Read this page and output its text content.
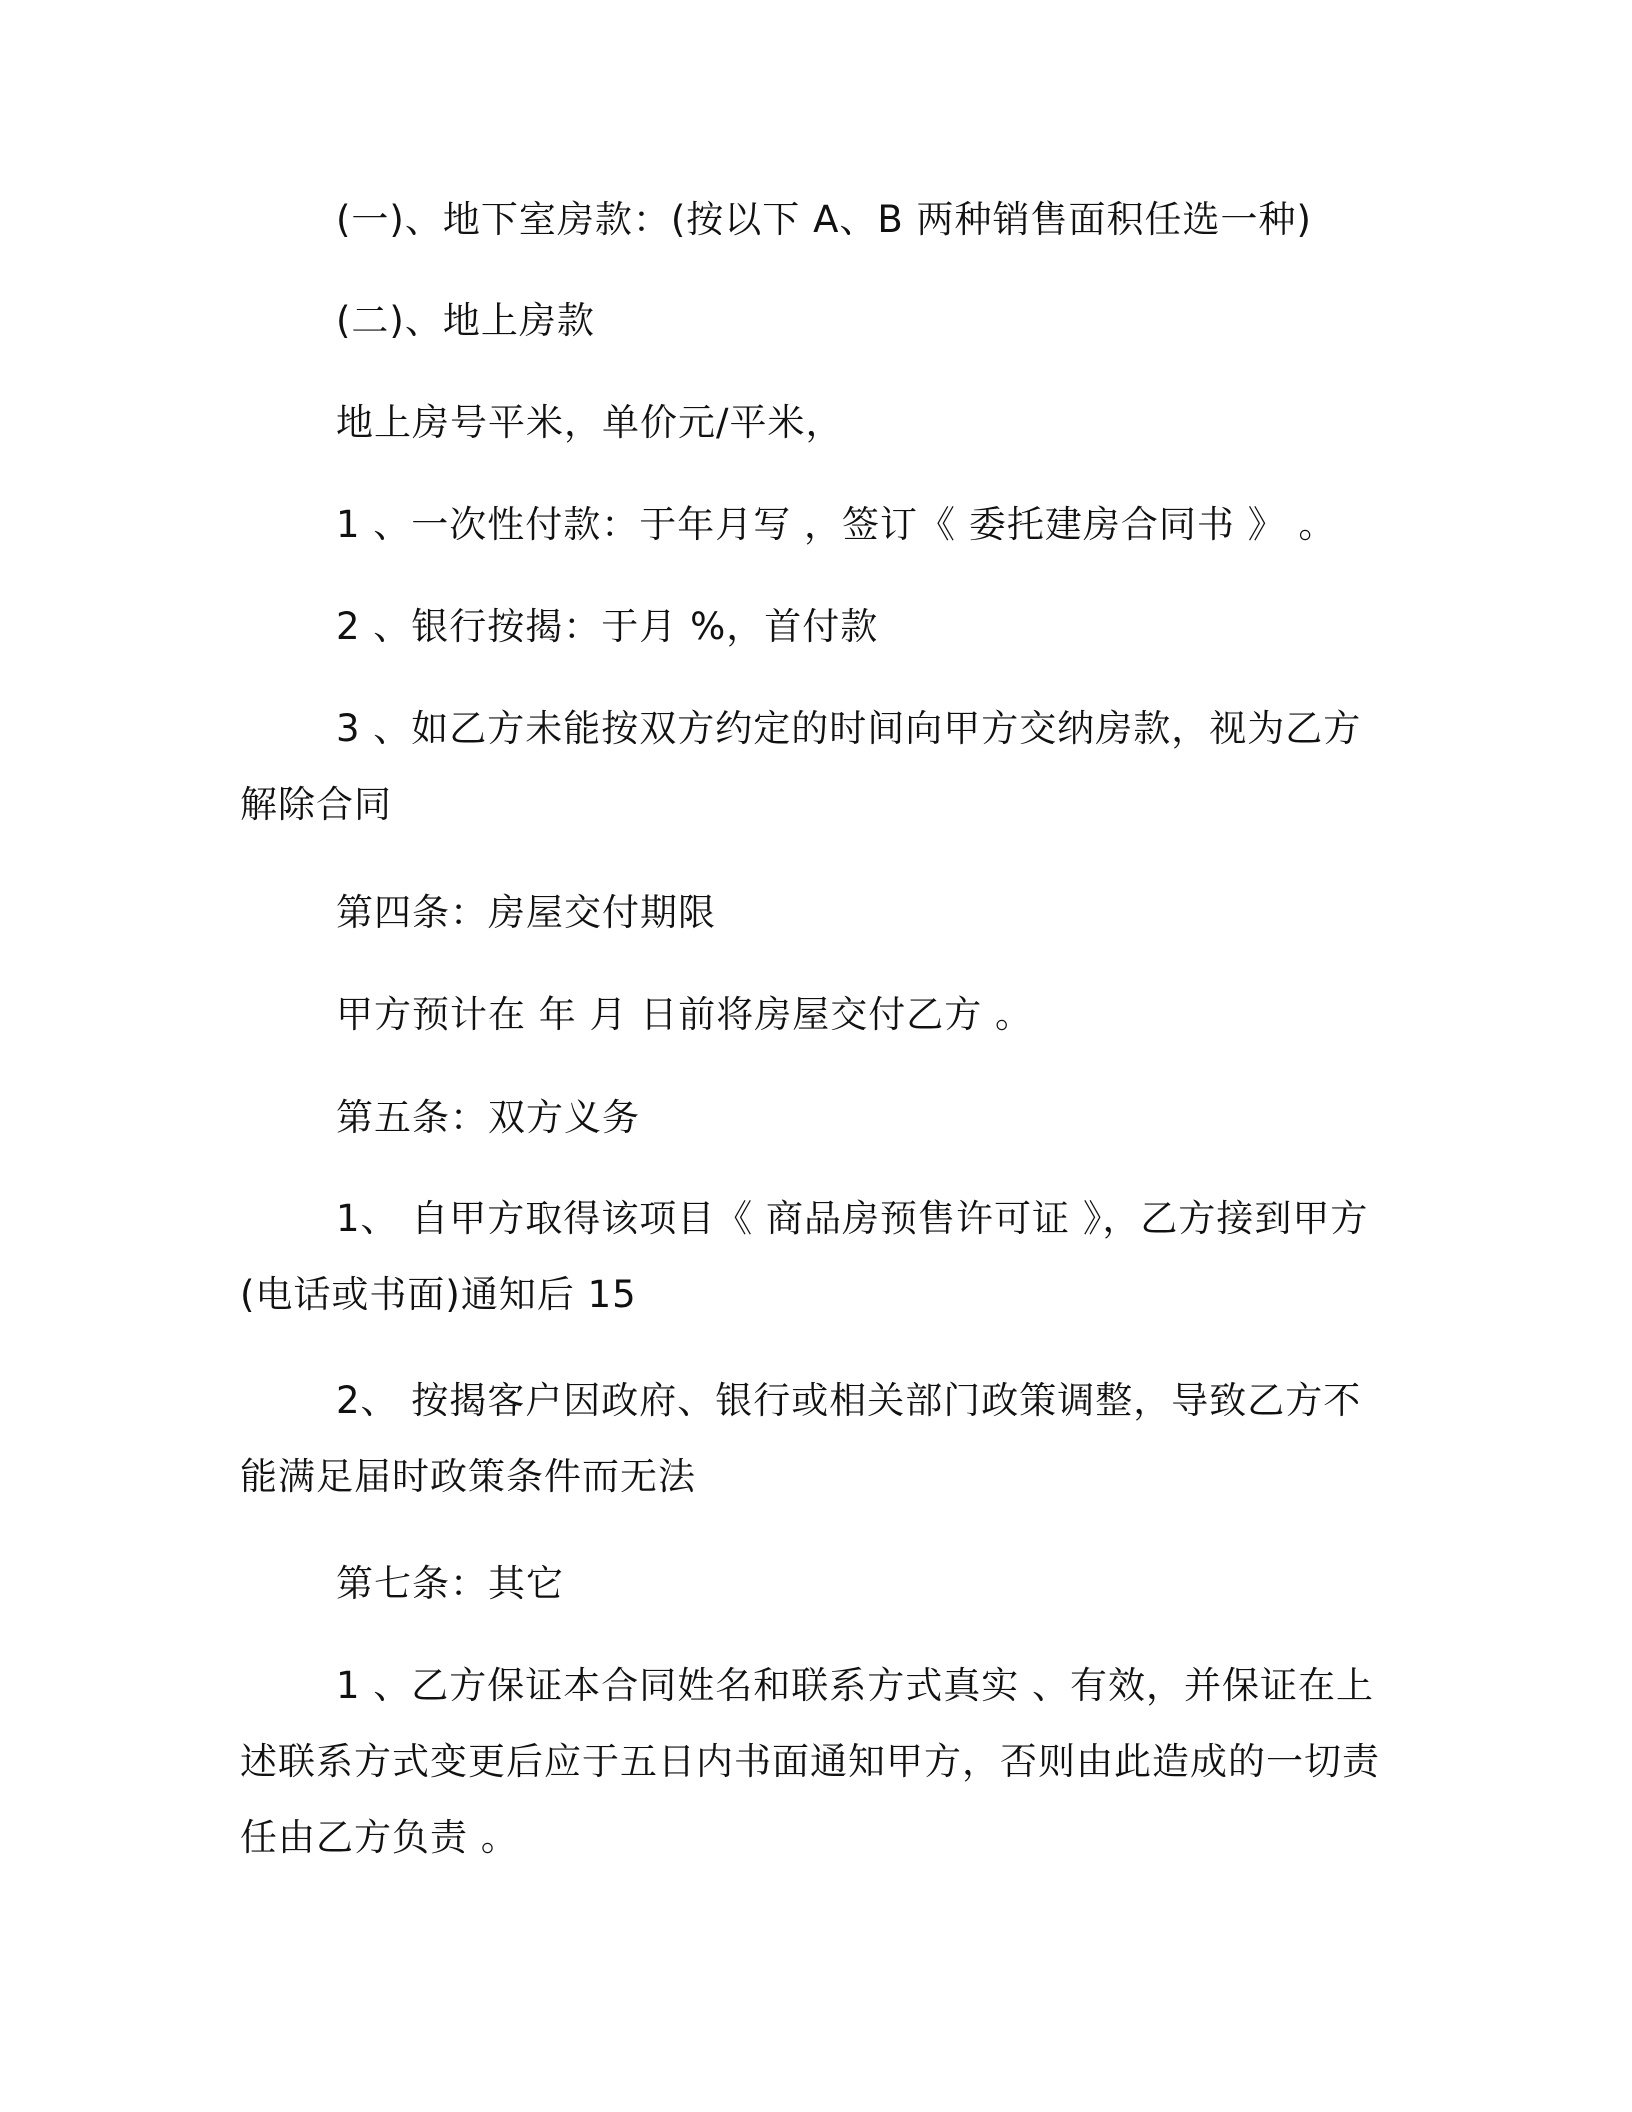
(一)、地下室房款：(按以下 A、B 两种销售面积任选一种)

(二)、地上房款

地上房号平米，单价元/平米，

1 、一次性付款：于年月写 ，签订《 委托建房合同书 》 。

2 、银行按揭：于月 %，首付款

3 、如乙方未能按双方约定的时间向甲方交纳房款，视为乙方解除合同

第四条：房屋交付期限

甲方预计在 年 月 日前将房屋交付乙方 。

第五条：双方义务

1、 自甲方取得该项目《 商品房预售许可证 》，乙方接到甲方(电话或书面)通知后 15

2、 按揭客户因政府、银行或相关部门政策调整，导致乙方不能满足届时政策条件而无法

第七条：其它

1 、乙方保证本合同姓名和联系方式真实 、有效，并保证在上述联系方式变更后应于五日内书面通知甲方，否则由此造成的一切责任由乙方负责 。
